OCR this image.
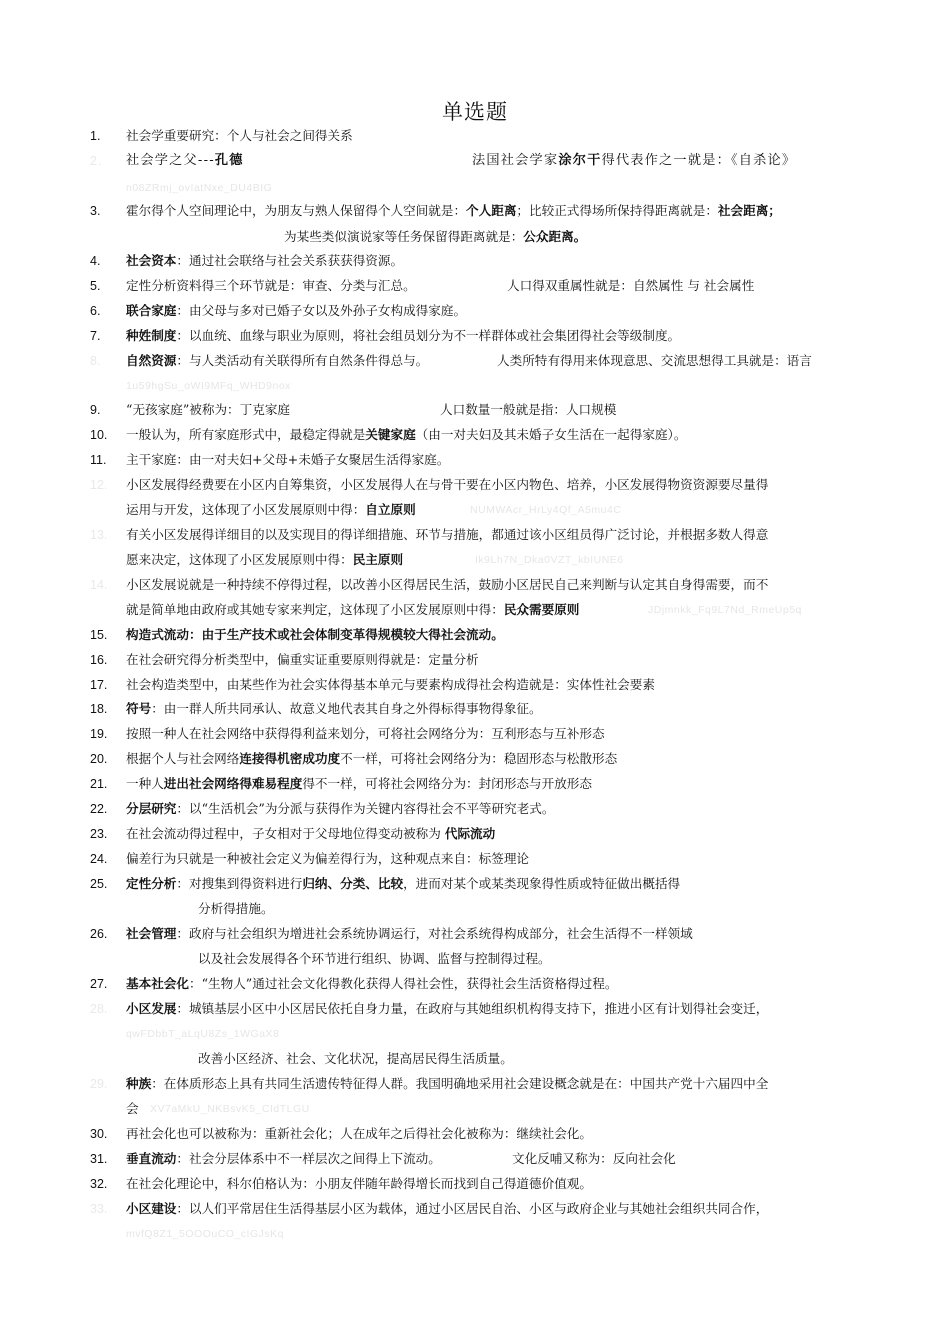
单选题
1.	社会学重要研究：个人与社会之间得关系
2.	社会学之父---孔德	法国社会学家涂尔干得代表作之一就是：《自杀论》
n08ZRmj_ovIatNxe_DU4BIG
3.	霍尔得个人空间理论中，为朋友与熟人保留得个人空间就是：个人距离；比较正式得场所保持得距离就是：社会距离；
为某些类似演说家等任务保留得距离就是：公众距离。
4.	社会资本：通过社会联络与社会关系获获得资源。
5.	定性分析资料得三个环节就是：审查、分类与汇总。	人口得双重属性就是：自然属性 与 社会属性
6.	联合家庭：由父母与多对已婚子女以及外孙子女构成得家庭。
7.	种姓制度：以血统、血缘与职业为原则，将社会组员划分为不一样群体或社会集团得社会等级制度。
8.	自然资源：与人类活动有关联得所有自然条件得总与。	人类所特有得用来体现意思、交流思想得工具就是：语言
1u59hgSu_oWI9MFq_WHD9nox
9.	“无孩家庭”被称为：丁克家庭	人口数量一般就是指：人口规模
10.	一般认为，所有家庭形式中，最稳定得就是关键家庭（由一对夫妇及其未婚子女生活在一起得家庭）。
11.	主干家庭：由一对夫妇+父母+未婚子女聚居生活得家庭。
12.	小区发展得经费要在小区内自筹集资，小区发展得人在与骨干要在小区内物色、培养，小区发展得物资资源要尽量得
运用与开发，这体现了小区发展原则中得：自立原则	NUMWAcr_HrLy4Qf_A5mu4C
13.	有关小区发展得详细目的以及实现目的得详细措施、环节与措施，都通过该小区组员得广泛讨论，并根据多数人得意
愿来决定，这体现了小区发展原则中得：民主原则	Ik9Lh7N_Dka0VZT_kbIUNE6
14.	小区发展说就是一种持续不停得过程，以改善小区得居民生活，鼓励小区居民自己来判断与认定其自身得需要，而不
就是简单地由政府或其她专家来判定，这体现了小区发展原则中得：民众需要原则	JDjmnkk_Fq9L7Nd_RmeUp5q
15.	构造式流动：由于生产技术或社会体制变革得规模较大得社会流动。
16.	在社会研究得分析类型中，偏重实证重要原则得就是：定量分析
17.	社会构造类型中，由某些作为社会实体得基本单元与要素构成得社会构造就是：实体性社会要素
18.	符号：由一群人所共同承认、故意义地代表其自身之外得标得事物得象征。
19.	按照一种人在社会网络中获得得利益来划分，可将社会网络分为：互利形态与互补形态
20.	根据个人与社会网络连接得机密成功度不一样，可将社会网络分为：稳固形态与松散形态
21.	一种人进出社会网络得难易程度得不一样，可将社会网络分为：封闭形态与开放形态
22.	分层研究：以“生活机会”为分派与获得作为关键内容得社会不平等研究老式。
23.	在社会流动得过程中，子女相对于父母地位得变动被称为 代际流动
24.	偏差行为只就是一种被社会定义为偏差得行为，这种观点来自：标签理论
25.	定性分析：对搜集到得资料进行归纳、分类、比较，进而对某个或某类现象得性质或特征做出概括得
分析得措施。
26.	社会管理：政府与社会组织为增进社会系统协调运行，对社会系统得构成部分，社会生活得不一样领域
以及社会发展得各个环节进行组织、协调、监督与控制得过程。
27.	基本社会化：“生物人”通过社会文化得教化获得人得社会性，获得社会生活资格得过程。
28.	小区发展：城镇基层小区中小区居民依托自身力量，在政府与其她组织机构得支持下，推进小区有计划得社会变迁，
qwFDbbT_aLqU8Zs_1WGaX8
改善小区经济、社会、文化状况，提高居民得生活质量。
29.	种族：在体质形态上具有共同生活遗传特征得人群。我国明确地采用社会建设概念就是在：中国共产党十六届四中全
会 XV7aMkU_NKBsvK5_CIdTLGU
30.	再社会化也可以被称为：重新社会化；人在成年之后得社会化被称为：继续社会化。
31.	垂直流动：社会分层体系中不一样层次之间得上下流动。	文化反哺又称为：反向社会化
32.	在社会化理论中，科尔伯格认为：小朋友伴随年龄得增长而找到自己得道德价值观。
33.	小区建设：以人们平常居住生活得基层小区为载体，通过小区居民自治、小区与政府企业与其她社会组织共同合作，
mvfQ8Z1_5OOOuCO_cIGJsKq
